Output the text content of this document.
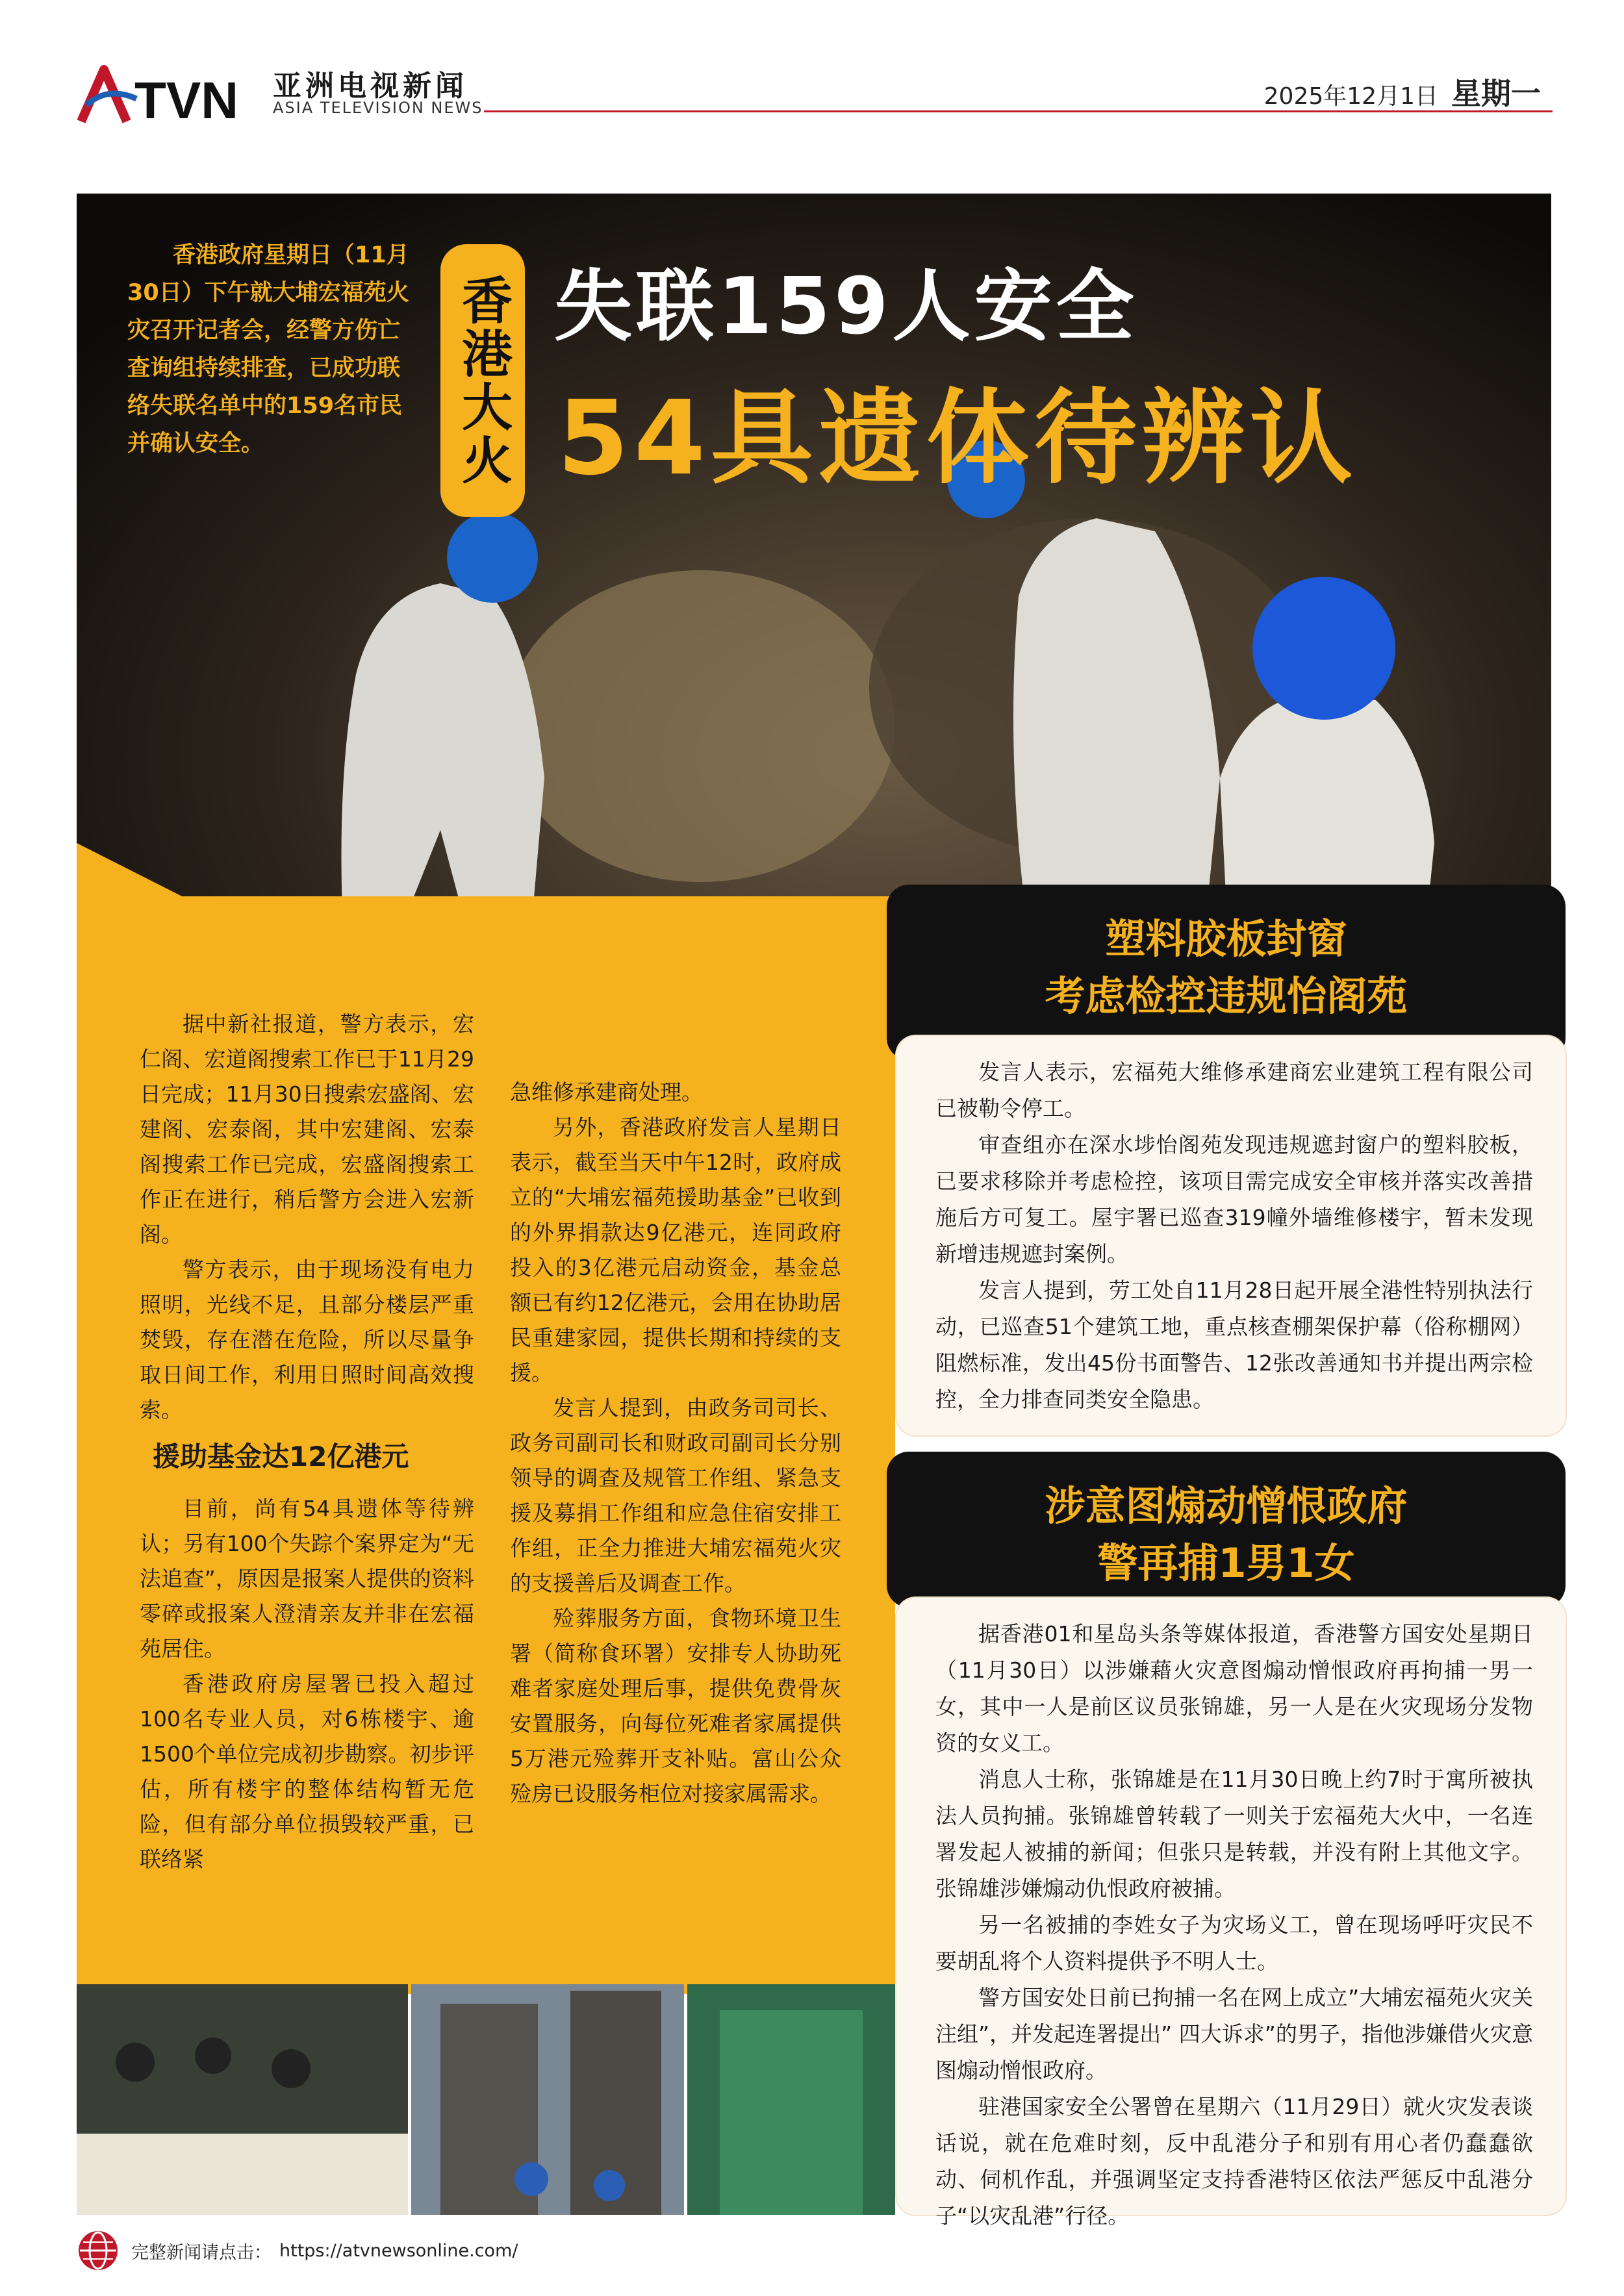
TVN 亚洲电视新闻
ASIA TELEVISION NEWS	2025年12月1日 星期一
香港政府星期日（11月30日）下午就大埔宏福苑火灾召开记者会，经警方伤亡查询组持续排查，已成功联络失联名单中的159名市民并确认安全。	香港大火 失联159人安全
54具遗体待辨认

据中新社报道，警方表示，宏仁阁、宏道阁搜索工作已于11月29日完成；11月30日搜索宏盛阁、宏建阁、宏泰阁，其中宏建阁、宏泰阁搜索工作已完成，宏盛阁搜索工作正在进行，稍后警方会进入宏新阁。

警方表示，由于现场没有电力照明，光线不足，且部分楼层严重焚毁，存在潜在危险，所以尽量争取日间工作，利用日照时间高效搜索。

援助基金达12亿港元

目前，尚有54具遗体等待辨认；另有100个失踪个案界定为“无法追查”，原因是报案人提供的资料零碎或报案人澄清亲友并非在宏福苑居住。

香港政府房屋署已投入超过100名专业人员，对6栋楼宇、逾1500个单位完成初步勘察。初步评估，所有楼宇的整体结构暂无危险，但有部分单位损毁较严重，已联络紧

急维修承建商处理。

另外，香港政府发言人星期日表示，截至当天中午12时，政府成立的“大埔宏福苑援助基金”已收到的外界捐款达9亿港元，连同政府投入的3亿港元启动资金，基金总额已有约12亿港元，会用在协助居民重建家园，提供长期和持续的支援。

发言人提到，由政务司司长、政务司副司长和财政司副司长分别领导的调查及规管工作组、紧急支援及募捐工作组和应急住宿安排工作组，正全力推进大埔宏福苑火灾的支援善后及调查工作。

殓葬服务方面，食物环境卫生署（简称食环署）安排专人协助死难者家庭处理后事，提供免费骨灰安置服务，向每位死难者家属提供5万港元殓葬开支补贴。富山公众殓房已设服务柜位对接家属需求。

塑料胶板封窗
考虑检控违规怡阁苑

发言人表示，宏福苑大维修承建商宏业建筑工程有限公司已被勒令停工。

审查组亦在深水埗怡阁苑发现违规遮封窗户的塑料胶板，已要求移除并考虑检控，该项目需完成安全审核并落实改善措施后方可复工。屋宇署已巡查319幢外墙维修楼宇，暂未发现新增违规遮封案例。

发言人提到，劳工处自11月28日起开展全港性特别执法行动，已巡查51个建筑工地，重点核查棚架保护幕（俗称棚网）阻燃标准，发出45份书面警告、12张改善通知书并提出两宗检控，全力排查同类安全隐患。

涉意图煽动憎恨政府
警再捕1男1女

据香港01和星岛头条等媒体报道，香港警方国安处星期日（11月30日）以涉嫌藉火灾意图煽动憎恨政府再拘捕一男一女，其中一人是前区议员张锦雄，另一人是在火灾现场分发物资的女义工。

消息人士称，张锦雄是在11月30日晚上约7时于寓所被执法人员拘捕。张锦雄曾转载了一则关于宏福苑大火中，一名连署发起人被捕的新闻；但张只是转载，并没有附上其他文字。张锦雄涉嫌煽动仇恨政府被捕。

另一名被捕的李姓女子为灾场义工，曾在现场呼吁灾民不要胡乱将个人资料提供予不明人士。

警方国安处日前已拘捕一名在网上成立”大埔宏福苑火灾关注组”，并发起连署提出” 四大诉求”的男子，指他涉嫌借火灾意图煽动憎恨政府。

驻港国家安全公署曾在星期六（11月29日）就火灾发表谈话说，就在危难时刻，反中乱港分子和别有用心者仍蠢蠢欲动、伺机作乱，并强调坚定支持香港特区依法严惩反中乱港分子“以灾乱港”行径。

完整新闻请点击： https://atvnewsonline.com/
